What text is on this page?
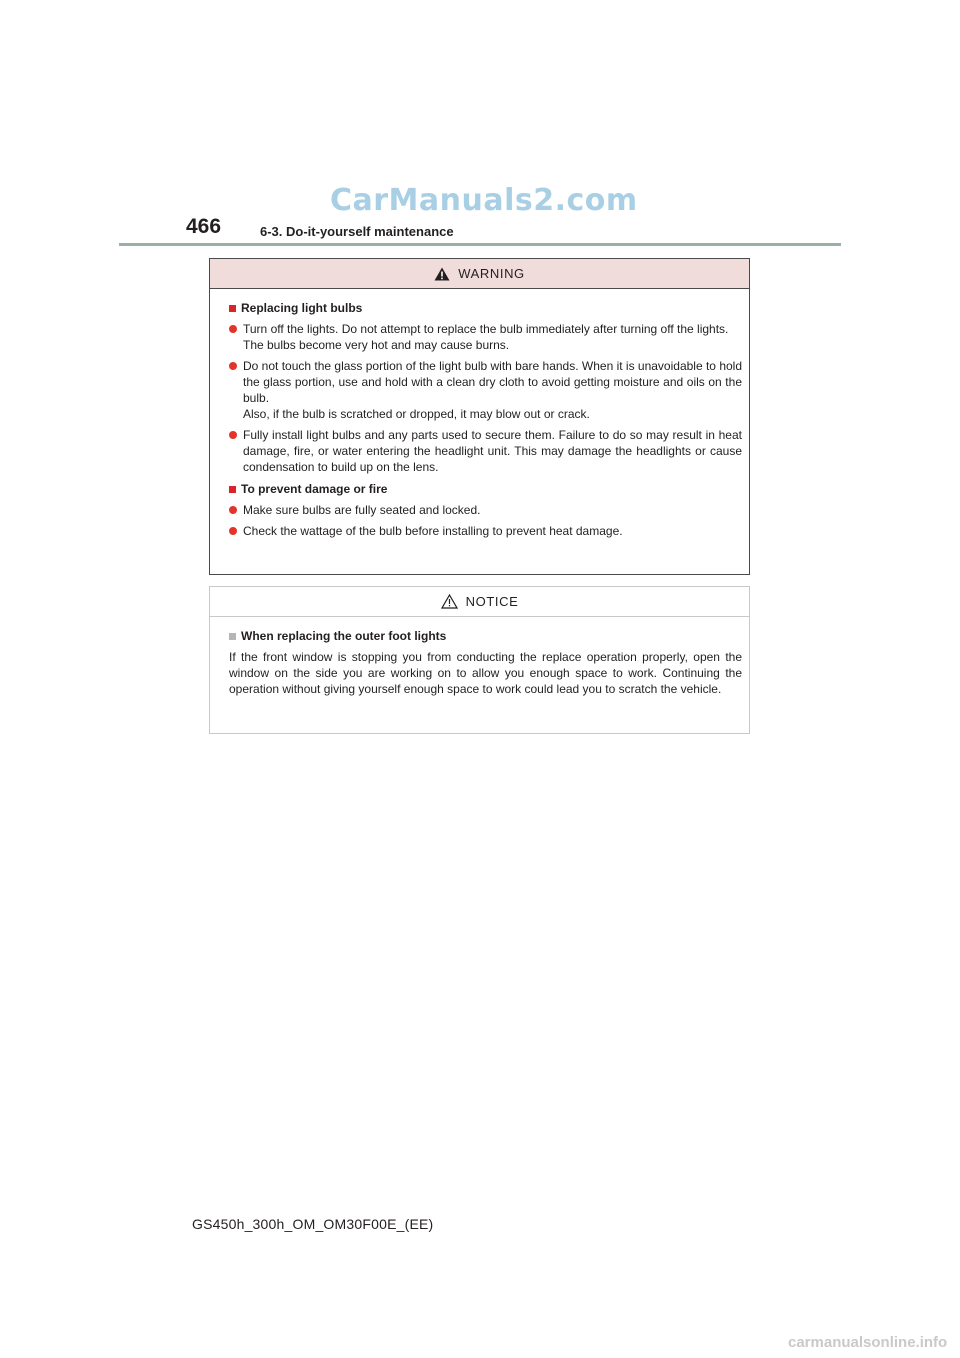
CarManuals2.com
466	6-3. Do-it-yourself maintenance
WARNING
Replacing light bulbs
Turn off the lights. Do not attempt to replace the bulb immediately after turning off the lights.
The bulbs become very hot and may cause burns.
Do not touch the glass portion of the light bulb with bare hands. When it is unavoidable to hold the glass portion, use and hold with a clean dry cloth to avoid getting moisture and oils on the bulb.
Also, if the bulb is scratched or dropped, it may blow out or crack.
Fully install light bulbs and any parts used to secure them. Failure to do so may result in heat damage, fire, or water entering the headlight unit. This may damage the headlights or cause condensation to build up on the lens.
To prevent damage or fire
Make sure bulbs are fully seated and locked.
Check the wattage of the bulb before installing to prevent heat damage.
NOTICE
When replacing the outer foot lights
If the front window is stopping you from conducting the replace operation properly, open the window on the side you are working on to allow you enough space to work. Continuing the operation without giving yourself enough space to work could lead you to scratch the vehicle.
GS450h_300h_OM_OM30F00E_(EE)
carmanualsonline.info
